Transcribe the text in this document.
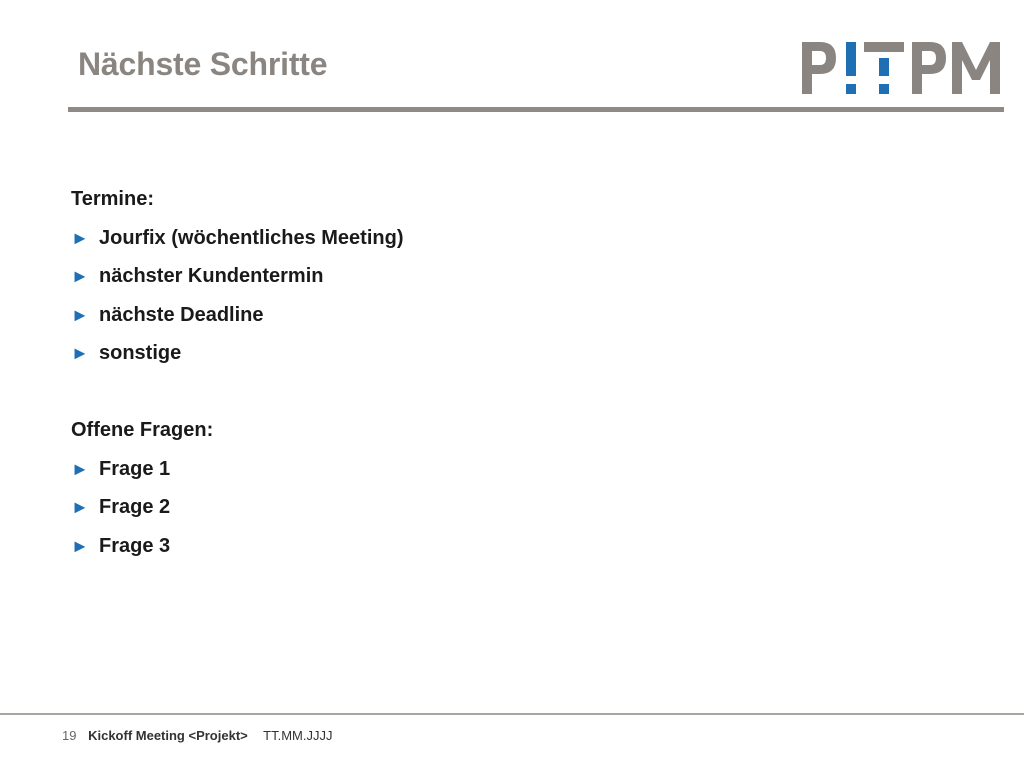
Nächste Schritte
Termine:
► Jourfix (wöchentliches Meeting)
► nächster Kundentermin
► nächste Deadline
► sonstige
Offene Fragen:
► Frage 1
► Frage 2
► Frage 3
19 Kickoff Meeting <Projekt> TT.MM.JJJJ
